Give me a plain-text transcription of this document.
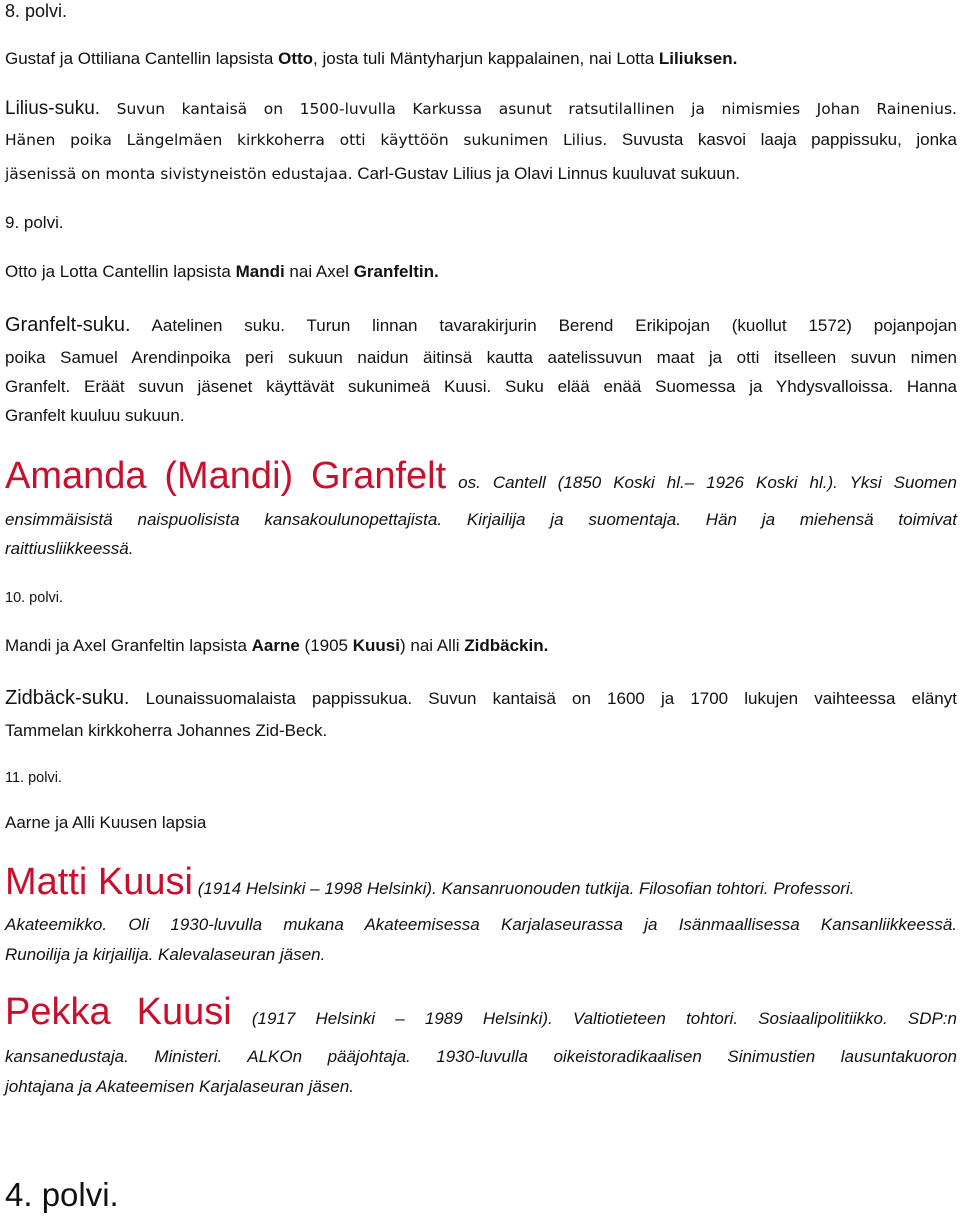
8. polvi.
Gustaf ja Ottiliana Cantellin lapsista Otto, josta tuli Mäntyharjun kappalainen, nai Lotta Liliuksen.
Lilius-suku. Suvun kantaisä on 1500-luvulla Karkussa asunut ratsutilallinen ja nimismies Johan Rainenius.
Hänen poika Längelmäen kirkkoherra otti käyttöön sukunimen Lilius. Suvusta kasvoi laaja pappissuku, jonka
jäsenissä on monta sivistyneistön edustajaa. Carl-Gustav Lilius ja Olavi Linnus kuuluvat sukuun.
9. polvi.
Otto ja Lotta Cantellin lapsista Mandi nai Axel Granfeltin.
Granfelt-suku. Aatelinen suku. Turun linnan tavarakirjurin Berend Erikipojan (kuollut 1572) pojanpojan
poika Samuel Arendinpoika peri sukuun naidun äitinsä kautta aatelissuvun maat ja otti itselleen suvun nimen
Granfelt. Eräät suvun jäsenet käyttävät sukunimeä Kuusi. Suku elää enää Suomessa ja Yhdysvalloissa. Hanna
Granfelt kuuluu sukuun.
Amanda (Mandi) Granfelt os. Cantell (1850 Koski hl.– 1926 Koski hl.). Yksi Suomen
ensimmäisistä naispuolisista kansakoulunopettajista. Kirjailija ja suomentaja. Hän ja miehensä toimivat
raittiusliikkeessä.
10. polvi.
Mandi ja Axel Granfeltin lapsista Aarne (1905 Kuusi) nai Alli Zidbäckin.
Zidbäck-suku. Lounaissuomalaista pappissukua. Suvun kantaisä on 1600 ja 1700 lukujen vaihteessa elänyt
Tammelan kirkkoherra Johannes Zid-Beck.
11. polvi.
Aarne ja Alli Kuusen lapsia
Matti Kuusi (1914 Helsinki – 1998 Helsinki). Kansanruonouden tutkija. Filosofian tohtori. Professori.
Akateemikko. Oli 1930-luvulla mukana Akateemisessa Karjalaseurassa ja Isänmaallisessa Kansanliikkeessä.
Runoilija ja kirjailija. Kalevalaseuran jäsen.
Pekka Kuusi (1917 Helsinki – 1989 Helsinki). Valtiotieteen tohtori. Sosiaalipolitiikko. SDP:n
kansanedustaja. Ministeri. ALKOn pääjohtaja. 1930-luvulla oikeistoradikaalisen Sinimustien lausuntakuoron
johtajana ja Akateemisen Karjalaseuran jäsen.
4. polvi.
